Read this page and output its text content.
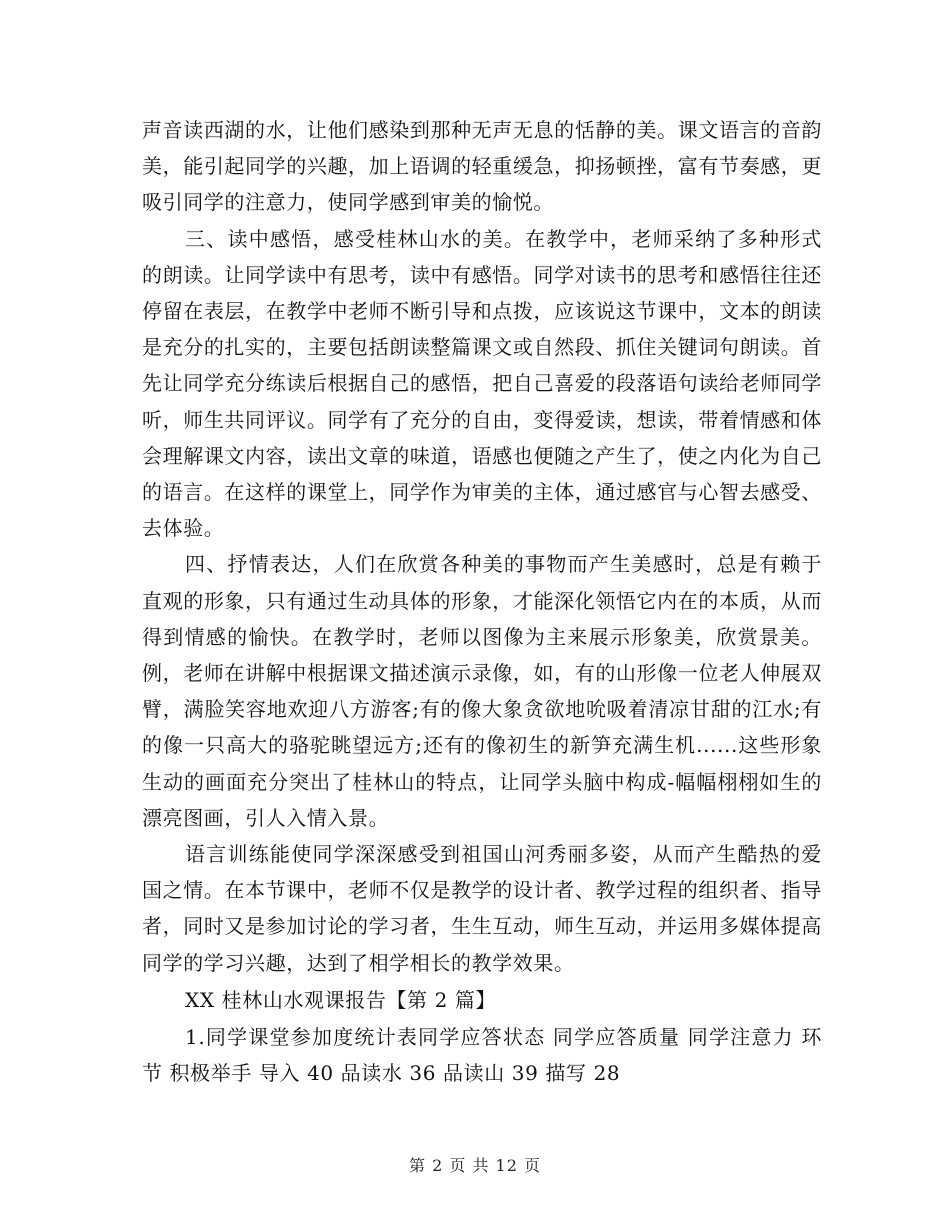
声音读西湖的水，让他们感染到那种无声无息的恬静的美。课文语言的音韵美，能引起同学的兴趣，加上语调的轻重缓急，抑扬顿挫，富有节奏感，更吸引同学的注意力，使同学感到审美的愉悦。

三、读中感悟，感受桂林山水的美。在教学中，老师采纳了多种形式的朗读。让同学读中有思考，读中有感悟。同学对读书的思考和感悟往往还停留在表层，在教学中老师不断引导和点拨，应该说这节课中，文本的朗读是充分的扎实的，主要包括朗读整篇课文或自然段、抓住关键词句朗读。首先让同学充分练读后根据自己的感悟，把自己喜爱的段落语句读给老师同学听，师生共同评议。同学有了充分的自由，变得爱读，想读，带着情感和体会理解课文内容，读出文章的味道，语感也便随之产生了，使之内化为自己的语言。在这样的课堂上，同学作为审美的主体，通过感官与心智去感受、去体验。

四、抒情表达，人们在欣赏各种美的事物而产生美感时，总是有赖于直观的形象，只有通过生动具体的形象，才能深化领悟它内在的本质，从而得到情感的愉快。在教学时，老师以图像为主来展示形象美，欣赏景美。例，老师在讲解中根据课文描述演示录像，如，有的山形像一位老人伸展双臂，满脸笑容地欢迎八方游客;有的像大象贪欲地吮吸着清凉甘甜的江水;有的像一只高大的骆驼眺望远方;还有的像初生的新笋充满生机......这些形象生动的画面充分突出了桂林山的特点，让同学头脑中构成-幅幅栩栩如生的漂亮图画，引人入情入景。

语言训练能使同学深深感受到祖国山河秀丽多姿，从而产生酷热的爱国之情。在本节课中，老师不仅是教学的设计者、教学过程的组织者、指导者，同时又是参加讨论的学习者，生生互动，师生互动，并运用多媒体提高同学的学习兴趣，达到了相学相长的教学效果。

XX 桂林山水观课报告【第 2 篇】

1.同学课堂参加度统计表同学应答状态 同学应答质量 同学注意力 环节 积极举手 导入 40 品读水 36 品读山 39 描写 28

第 2 页 共 12 页
